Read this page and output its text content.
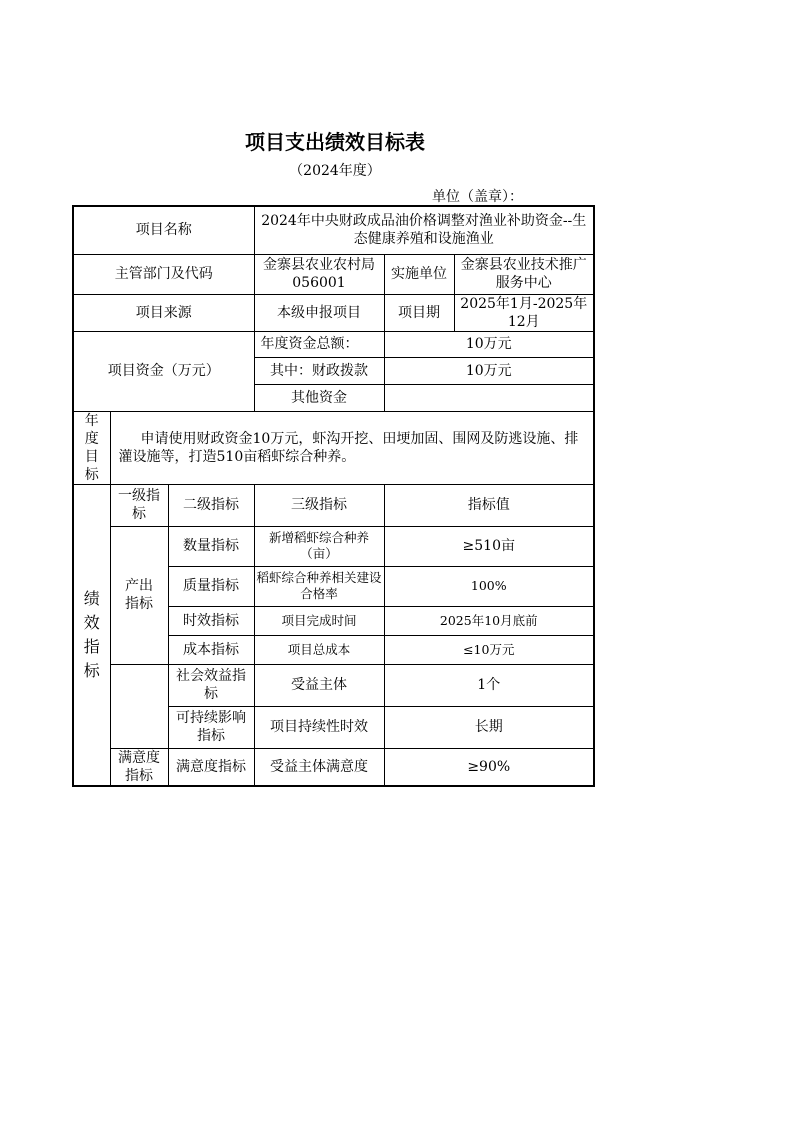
项目支出绩效目标表
（2024年度）
单位（盖章）：
项目名称			2024年中央财政成品油价格调整对渔业补助资金--生态健康养殖和设施渔业		
主管部门及代码			金寨县农业农村局056001	实施单位	金寨县农业技术推广服务中心
项目来源			本级申报项目	项目期	2025年1月-2025年12月
项目资金（万元）			年度资金总额：	10万元	
			其中：财政拨款	10万元	
			其他资金		
年度目标	申请使用财政资金10万元，虾沟开挖、田埂加固、围网及防逃设施、排灌设施等，打造510亩稻虾综合种养。				
绩效指标	一级指标	二级指标	三级指标	指标值	
	产出指标	数量指标	新增稻虾综合种养（亩）	≥510亩	
		质量指标	稻虾综合种养相关建设合格率	100%	
		时效指标	项目完成时间	2025年10月底前	
		成本指标	项目总成本	≤10万元	
		社会效益指标	受益主体	1个	
		可持续影响指标	项目持续性时效	长期	
	满意度指标	满意度指标	受益主体满意度	≥90%	
